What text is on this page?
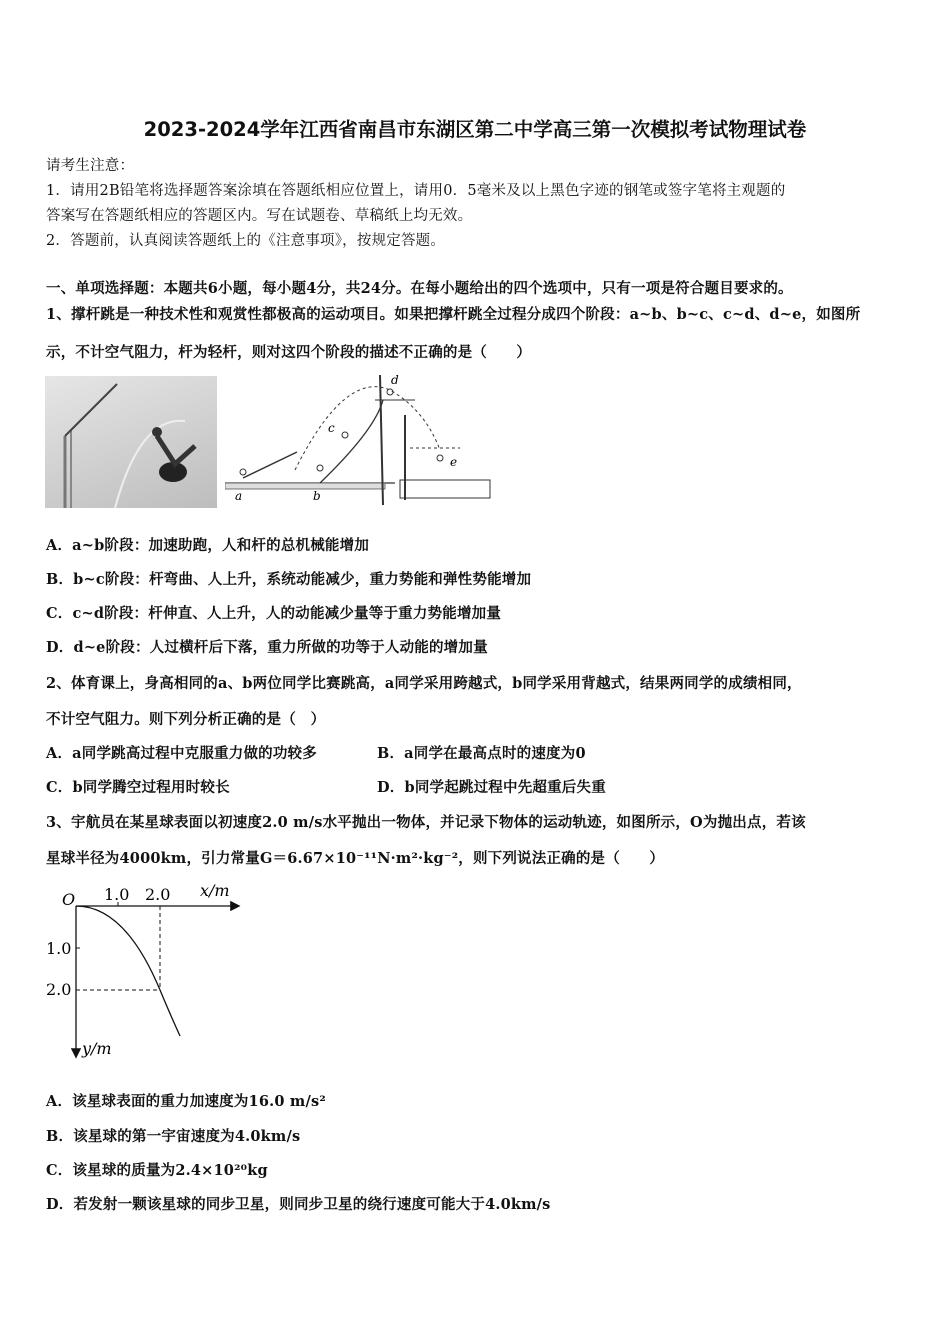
2023-2024学年江西省南昌市东湖区第二中学高三第一次模拟考试物理试卷
请考生注意：
1．请用2B铅笔将选择题答案涂填在答题纸相应位置上，请用0．5毫米及以上黑色字迹的钢笔或签字笔将主观题的
答案写在答题纸相应的答题区内。写在试题卷、草稿纸上均无效。
2．答题前，认真阅读答题纸上的《注意事项》，按规定答题。
一、单项选择题：本题共6小题，每小题4分，共24分。在每小题给出的四个选项中，只有一项是符合题目要求的。
1、撑杆跳是一种技术性和观赏性都极高的运动项目。如果把撑杆跳全过程分成四个阶段：a~b、b~c、c~d、d~e，如图所
示，不计空气阻力，杆为轻杆，则对这四个阶段的描述不正确的是（　　）
a	b
c
d
e
A．a~b阶段：加速助跑，人和杆的总机械能增加
B．b~c阶段：杆弯曲、人上升，系统动能减少，重力势能和弹性势能增加
C．c~d阶段：杆伸直、人上升，人的动能减少量等于重力势能增加量
D．d~e阶段：人过横杆后下落，重力所做的功等于人动能的增加量
2、体育课上，身高相同的a、b两位同学比赛跳高，a同学采用跨越式，b同学采用背越式，结果两同学的成绩相同，
不计空气阻力。则下列分析正确的是（　）
A．a同学跳高过程中克服重力做的功较多	B．a同学在最高点时的速度为0
C．b同学腾空过程用时较长	D．b同学起跳过程中先超重后失重
3、宇航员在某星球表面以初速度2.0 m/s水平抛出一物体，并记录下物体的运动轨迹，如图所示，O为抛出点，若该
星球半径为4000km，引力常量G＝6.67×10⁻¹¹N·m²·kg⁻²，则下列说法正确的是（　　）
O 1.0 2.0 x/m
1.0
2.0
y/m
A．该星球表面的重力加速度为16.0 m/s²
B．该星球的第一宇宙速度为4.0km/s
C．该星球的质量为2.4×10²⁰kg
D．若发射一颗该星球的同步卫星，则同步卫星的绕行速度可能大于4.0km/s
